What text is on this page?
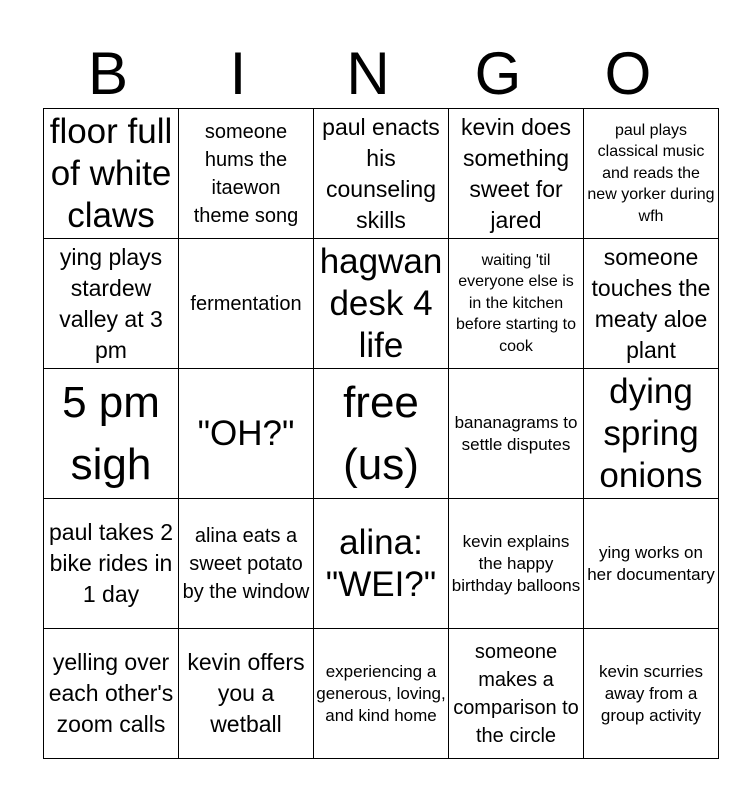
B	I	N	G	O
floor full of white claws	someone hums the itaewon theme song	paul enacts his counseling skills	kevin does something sweet for jared	paul plays classical music and reads the new yorker during wfh
ying plays stardew valley at 3 pm	fermentation	hagwan desk 4 life	waiting 'til everyone else is in the kitchen before starting to cook	someone touches the meaty aloe plant
5 pm sigh	"OH?"	free (us)	bananagrams to settle disputes	dying spring onions
paul takes 2 bike rides in 1 day	alina eats a sweet potato by the window	alina: "WEI?"	kevin explains the happy birthday balloons	ying works on her documentary
yelling over each other's zoom calls	kevin offers you a wetball	experiencing a generous, loving, and kind home	someone makes a comparison to the circle	kevin scurries away from a group activity
